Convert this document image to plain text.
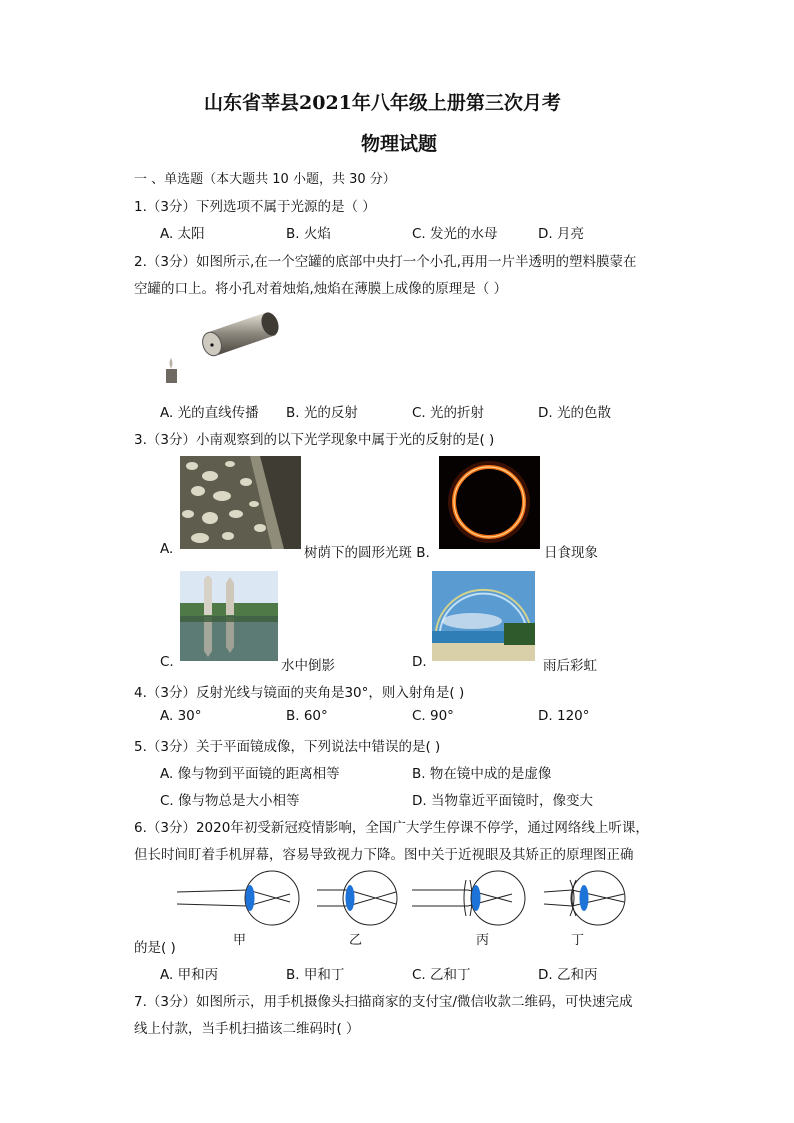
山东省莘县2021年八年级上册第三次月考
物理试题
一 、单选题（本大题共 10 小题，共 30 分）
1.（3分）下列选项不属于光源的是（ ）
A. 太阳	B. 火焰	C. 发光的水母	D. 月亮
2.（3分）如图所示,在一个空罐的底部中央打一个小孔,再用一片半透明的塑料膜蒙在
空罐的口上。将小孔对着烛焰,烛焰在薄膜上成像的原理是（ ）
A. 光的直线传播 B. 光的反射	C. 光的折射	D. 光的色散
3.（3分）小南观察到的以下光学现象中属于光的反射的是( )
A.	树荫下的圆形光斑 B.	日食现象
C.	水中倒影	D.	雨后彩虹
4.（3分）反射光线与镜面的夹角是30°，则入射角是( )
A. 30°	B. 60°	C. 90°	D. 120°
5.（3分）关于平面镜成像，下列说法中错误的是( )
A. 像与物到平面镜的距离相等	B. 物在镜中成的是虚像
C. 像与物总是大小相等	D. 当物靠近平面镜时，像变大
6.（3分）2020年初受新冠疫情影响，全国广大学生停课不停学，通过网络线上听课，
但长时间盯着手机屏幕，容易导致视力下降。图中关于近视眼及其矫正的原理图正确
甲	乙	丙	丁
的是( )
A. 甲和丙	B. 甲和丁	C. 乙和丁	D. 乙和丙
7.（3分）如图所示，用手机摄像头扫描商家的支付宝/微信收款二维码，可快速完成
线上付款，当手机扫描该二维码时( ）
